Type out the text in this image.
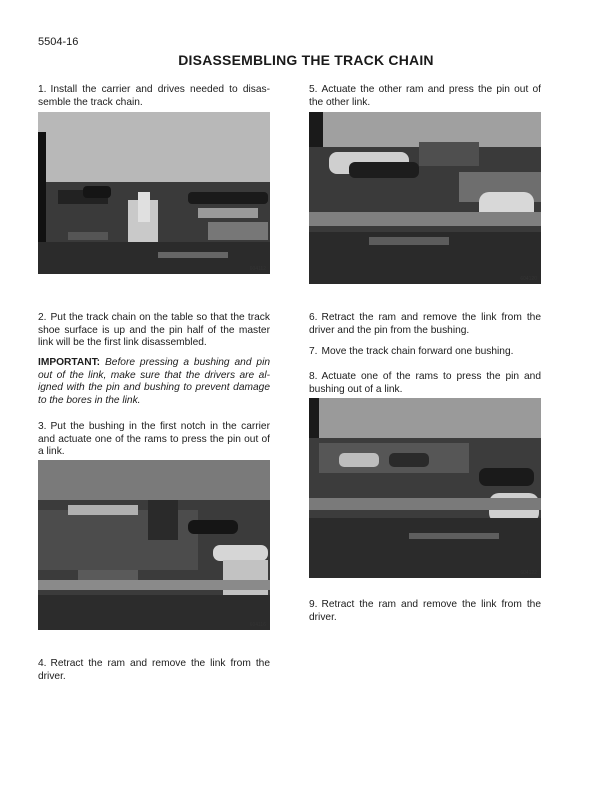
5504-16
DISASSEMBLING THE TRACK CHAIN

1. Install the carrier and drives needed to disas-semble the track chain.

604112

2. Put the track chain on the table so that the track shoe surface is up and the pin half of the master link will be the first link disassembled.

IMPORTANT: Before pressing a bushing and pin out of the link, make sure that the drivers are al-igned with the pin and bushing to prevent damage to the bores in the link.

3. Put the bushing in the first notch in the carrier and actuate one of the rams to press the pin out of a link.

604116

4. Retract the ram and remove the link from the driver.

5. Actuate the other ram and press the pin out of the other link.

604120

6. Retract the ram and remove the link from the driver and the pin from the bushing.

7. Move the track chain forward one bushing.

8. Actuate one of the rams to press the pin and bushing out of a link.

604122

9. Retract the ram and remove the link from the driver.
